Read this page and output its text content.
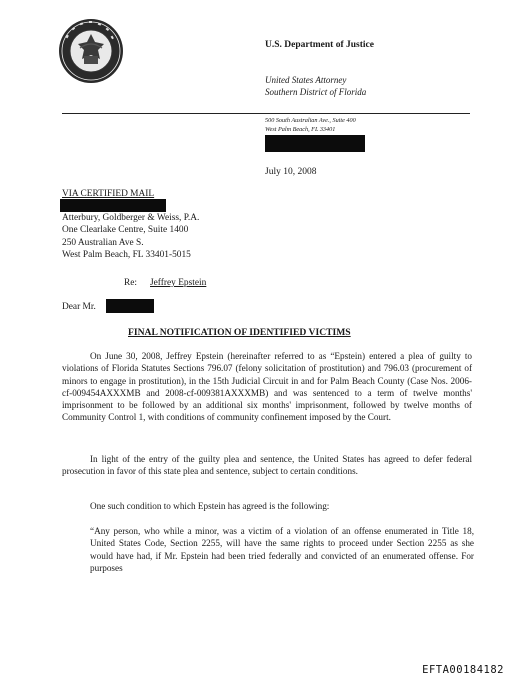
U.S. Department of Justice
United States Attorney
Southern District of Florida
500 South Australian Ave., Suite 400
West Palm Beach, FL 33401
July 10, 2008
VIA CERTIFIED MAIL
Atterbury, Goldberger & Weiss, P.A.
One Clearlake Centre, Suite 1400
250 Australian Ave S.
West Palm Beach, FL 33401-5015
Re: Jeffrey Epstein
Dear Mr.
FINAL NOTIFICATION OF IDENTIFIED VICTIMS

On June 30, 2008, Jeffrey Epstein (hereinafter referred to as “Epstein) entered a plea of guilty to violations of Florida Statutes Sections 796.07 (felony solicitation of prostitution) and 796.03 (procurement of minors to engage in prostitution), in the 15th Judicial Circuit in and for Palm Beach County (Case Nos. 2006-cf-009454AXXXMB and 2008-cf-009381AXXXMB) and was sentenced to a term of twelve months' imprisonment to be followed by an additional six months' imprisonment, followed by twelve months of Community Control 1, with conditions of community confinement imposed by the Court.

In light of the entry of the guilty plea and sentence, the United States has agreed to defer federal prosecution in favor of this state plea and sentence, subject to certain conditions.

One such condition to which Epstein has agreed is the following:

“Any person, who while a minor, was a victim of a violation of an offense enumerated in Title 18, United States Code, Section 2255, will have the same rights to proceed under Section 2255 as she would have had, if Mr. Epstein had been tried federally and convicted of an enumerated offense. For purposes

EFTA00184182
